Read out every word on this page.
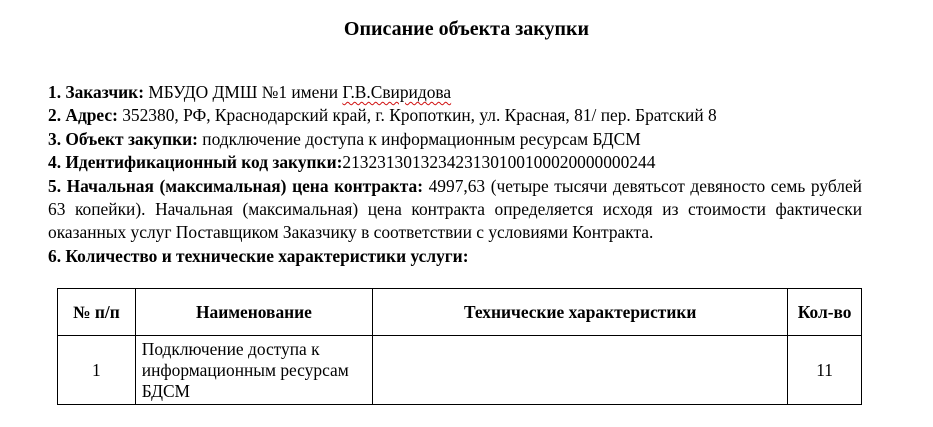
Описание объекта закупки

1. Заказчик: МБУДО ДМШ №1 имени Г.В.Свиридова

2. Адрес: 352380, РФ, Краснодарский край, г. Кропоткин, ул. Красная, 81/ пер. Братский 8

3. Объект закупки: подключение доступа к информационным ресурсам БДСМ

4. Идентификационный код закупки:213231301323423130100100020000000244

5. Начальная (максимальная) цена контракта: 4997,63 (четыре тысячи девятьсот девяносто семь рублей 63 копейки). Начальная (максимальная) цена контракта определяется исходя из стоимости фактически оказанных услуг Поставщиком Заказчику в соответствии с условиями Контракта.

6. Количество и технические характеристики услуги:

№ п/п	Наименование	Технические характеристики	Кол-во
1	Подключение доступа к информационным ресурсам БДСМ		11
